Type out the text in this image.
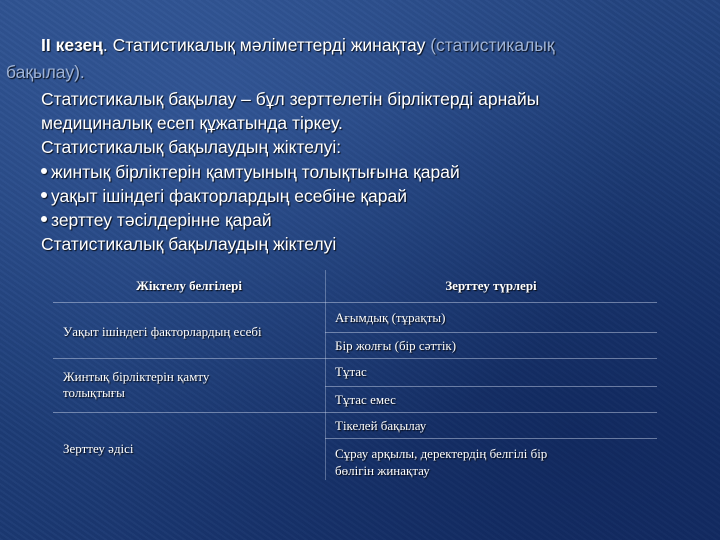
ІІ кезең. Статистикалық мәліметтерді жинақтау (статистикалық
бақылау).
Статистикалық бақылау – бұл зерттелетін бірліктерді арнайы
медициналық есеп құжатында тіркеу.
Статистикалық бақылаудың жіктелуі:
жинтық бірліктерін қамтуының толықтығына қарай
уақыт ішіндегі факторлардың есебіне қарай
зерттеу тәсілдерінне қарай
Статистикалық бақылаудың жіктелуі
Жіктелу белгілері	Зерттеу түрлері
Уақыт ішіндегі факторлардың есебі
Ағымдық (тұрақты)
Бір жолғы (бір сәттік)
Жинтық бірліктерін қамту
толықтығы
Тұтас
Тұтас емес
Зерттеу әдісі
Тікелей бақылау
Сұрау арқылы, деректердің белгілі бір
бөлігін жинақтау
